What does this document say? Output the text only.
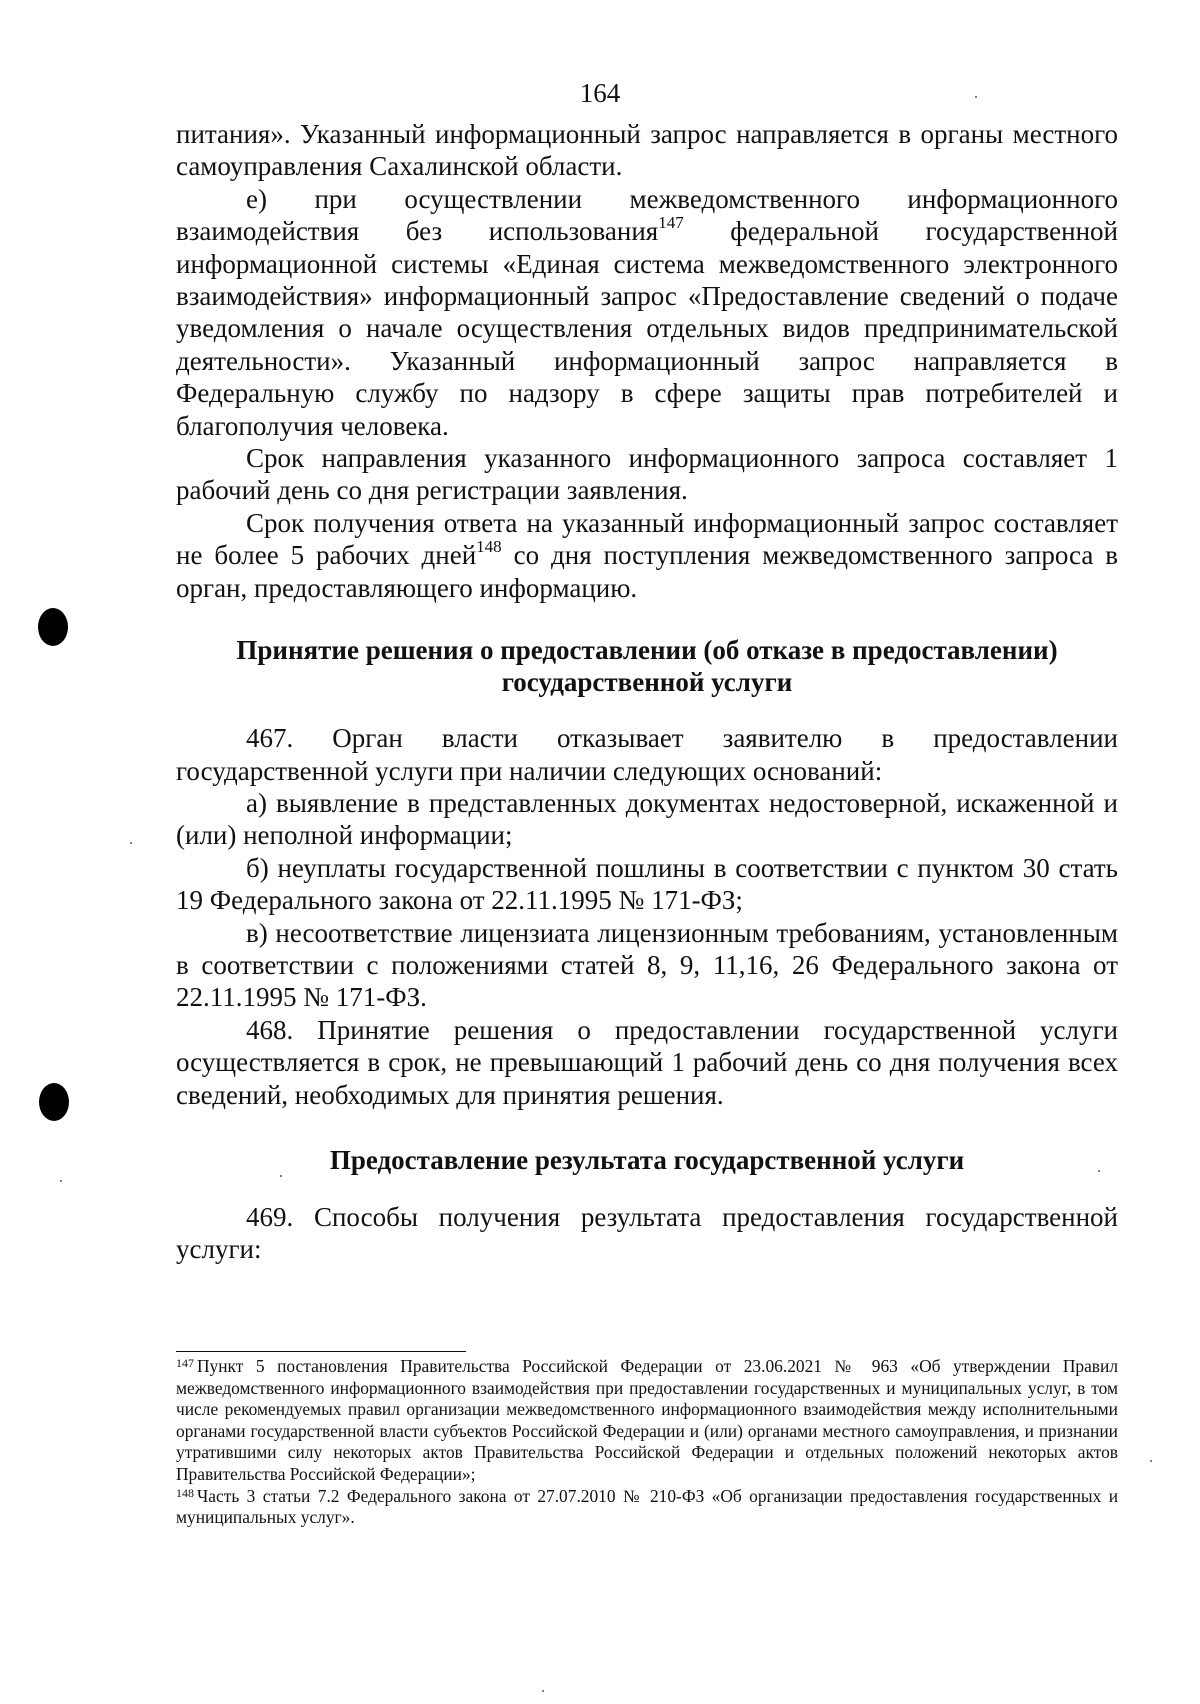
164

питания». Указанный информационный запрос направляется в органы местного самоуправления Сахалинской области.

е) при осуществлении межведомственного информационного взаимодействия без использования$^{147}$ федеральной государственной информационной системы «Единая система межведомственного электронного взаимодействия» информационный запрос «Предоставление сведений о подаче уведомления о начале осуществления отдельных видов предпринимательской деятельности». Указанный информационный запрос направляется в Федеральную службу по надзору в сфере защиты прав потребителей и благополучия человека.

Срок направления указанного информационного запроса составляет 1 рабочий день со дня регистрации заявления.

Срок получения ответа на указанный информационный запрос составляет не более 5 рабочих дней$^{148}$ со дня поступления межведомственного запроса в орган, предоставляющего информацию.

Принятие решения о предоставлении (об отказе в предоставлении)
государственной услуги

467. Орган власти отказывает заявителю в предоставлении государственной услуги при наличии следующих оснований:

а) выявление в представленных документах недостоверной, искаженной и (или) неполной информации;

б) неуплаты государственной пошлины в соответствии с пунктом 30 стать 19 Федерального закона от 22.11.1995 № 171-ФЗ;

в) несоответствие лицензиата лицензионным требованиям, установленным в соответствии с положениями статей 8, 9, 11,16, 26 Федерального закона от 22.11.1995 № 171-ФЗ.

468. Принятие решения о предоставлении государственной услуги осуществляется в срок, не превышающий 1 рабочий день со дня получения всех сведений, необходимых для принятия решения.

Предоставление результата государственной услуги

469. Способы получения результата предоставления государственной услуги:

$^{147}$ Пункт 5 постановления Правительства Российской Федерации от 23.06.2021 № 963 «Об утверждении Правил межведомственного информационного взаимодействия при предоставлении государственных и муниципальных услуг, в том числе рекомендуемых правил организации межведомственного информационного взаимодействия между исполнительными органами государственной власти субъектов Российской Федерации и (или) органами местного самоуправления, и признании утратившими силу некоторых актов Правительства Российской Федерации и отдельных положений некоторых актов Правительства Российской Федерации»;

$^{148}$ Часть 3 статьи 7.2 Федерального закона от 27.07.2010 № 210-ФЗ «Об организации предоставления государственных и муниципальных услуг».
